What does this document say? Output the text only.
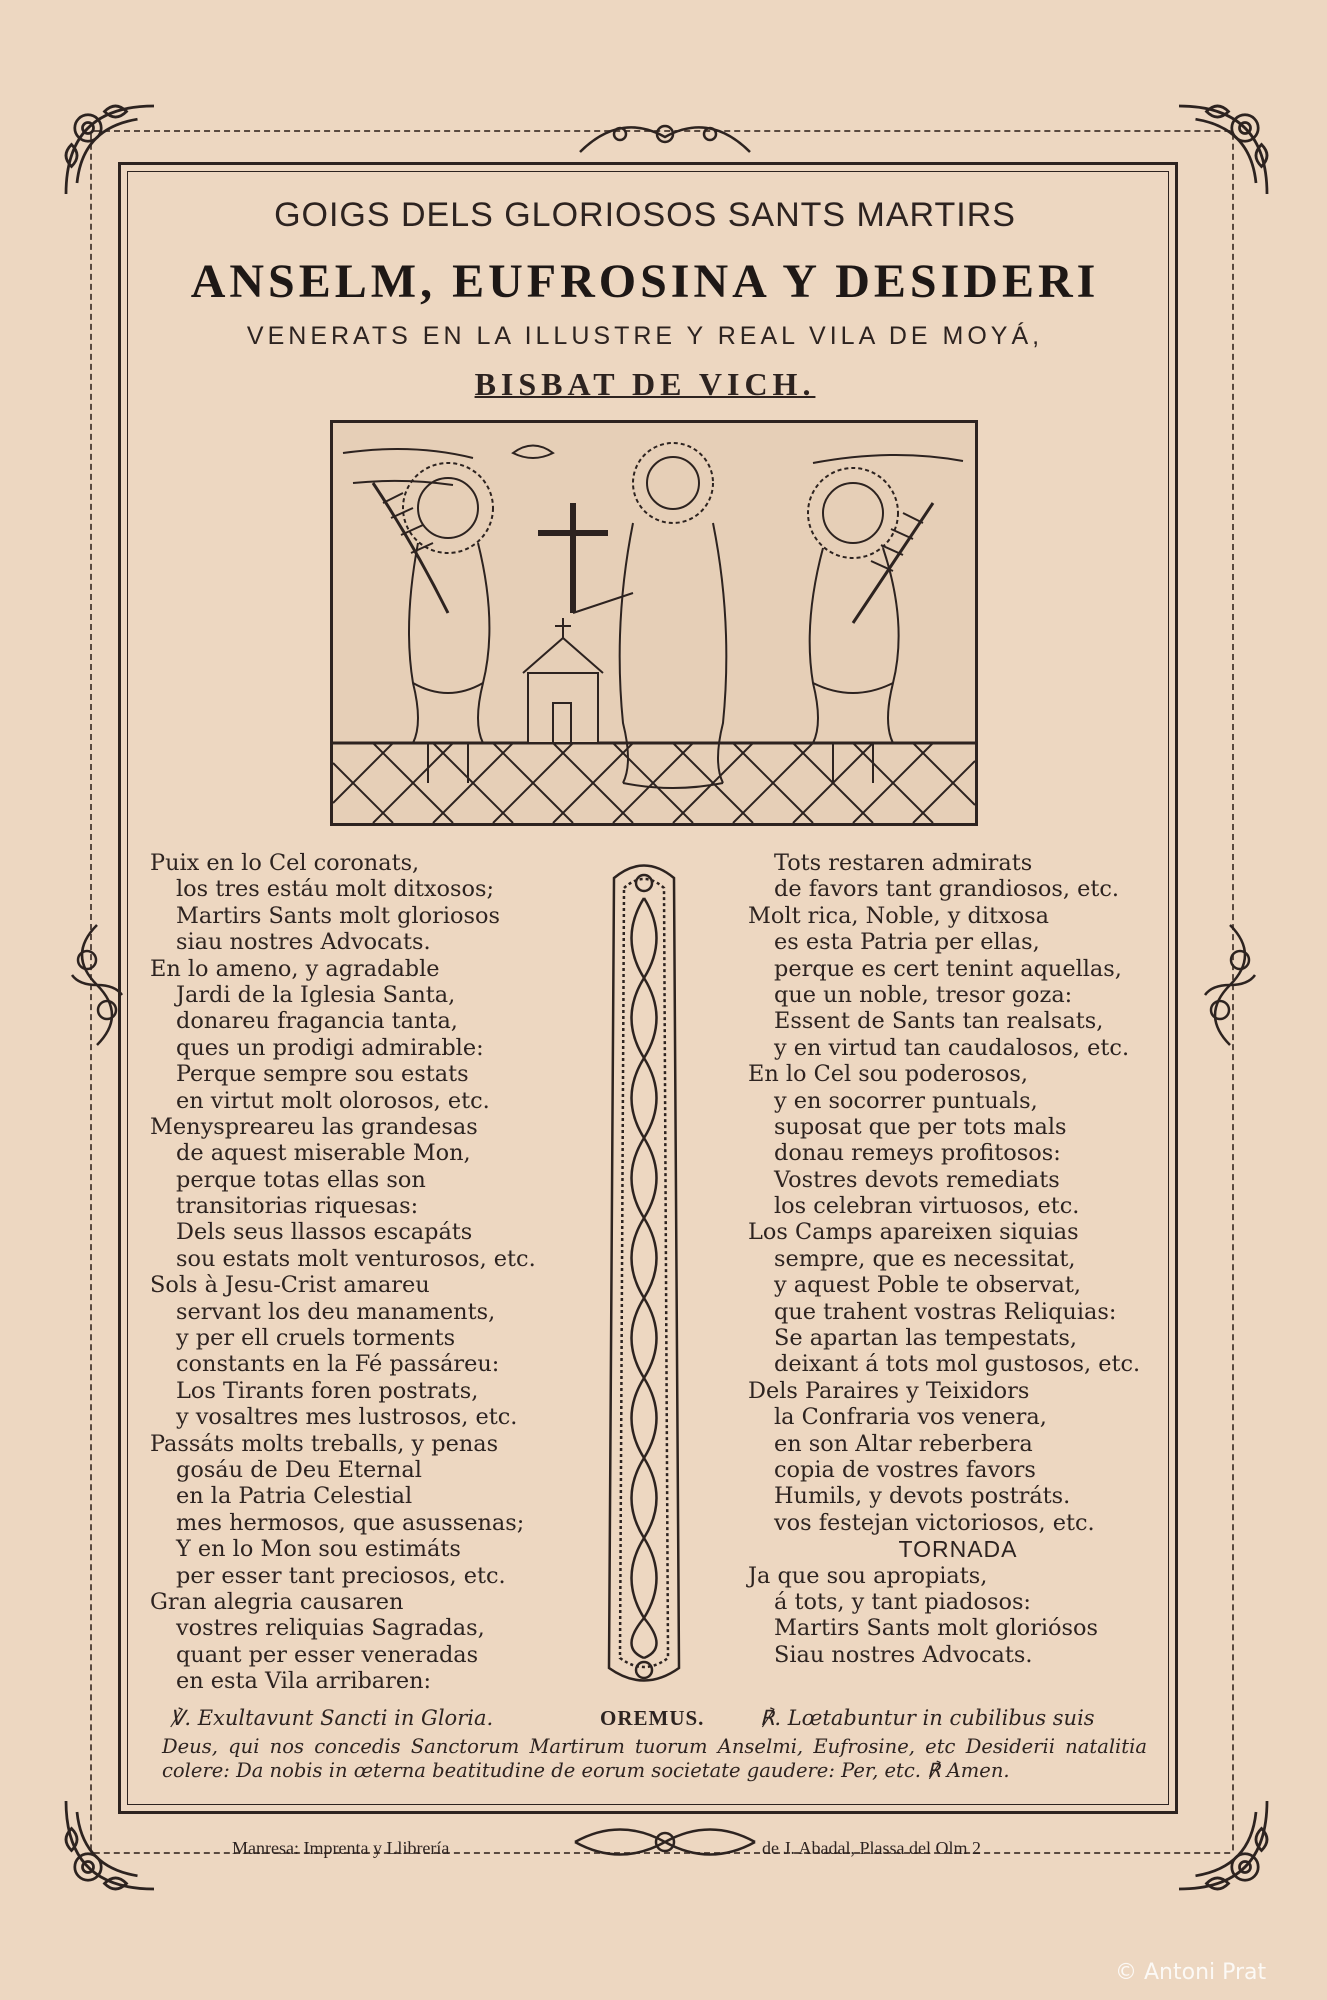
GOIGS DELS GLORIOSOS SANTS MARTIRS
ANSELM, EUFROSINA Y DESIDERI
VENERATS EN LA ILLUSTRE Y REAL VILA DE MOYÁ,
BISBAT DE VICH.
Puix en lo Cel coronats,
los tres estáu molt ditxosos;
Martirs Sants molt gloriosos
siau nostres Advocats.
En lo ameno, y agradable
Jardi de la Iglesia Santa,
donareu fragancia tanta,
ques un prodigi admirable:
Perque sempre sou estats
en virtut molt olorosos, etc.
Menyspreareu las grandesas
de aquest miserable Mon,
perque totas ellas son
transitorias riquesas:
Dels seus llassos escapáts
sou estats molt venturosos, etc.
Sols à Jesu-Crist amareu
servant los deu manaments,
y per ell cruels torments
constants en la Fé passáreu:
Los Tirants foren postrats,
y vosaltres mes lustrosos, etc.
Passáts molts treballs, y penas
gosáu de Deu Eternal
en la Patria Celestial
mes hermosos, que asussenas;
Y en lo Mon sou estimáts
per esser tant preciosos, etc.
Gran alegria causaren
vostres reliquias Sagradas,
quant per esser veneradas
en esta Vila arribaren:
Tots restaren admirats
de favors tant grandiosos, etc.
Molt rica, Noble, y ditxosa
es esta Patria per ellas,
perque es cert tenint aquellas,
que un noble, tresor goza:
Essent de Sants tan realsats,
y en virtud tan caudalosos, etc.
En lo Cel sou poderosos,
y en socorrer puntuals,
suposat que per tots mals
donau remeys profitosos:
Vostres devots remediats
los celebran virtuosos, etc.
Los Camps apareixen siquias
sempre, que es necessitat,
y aquest Poble te observat,
que trahent vostras Reliquias:
Se apartan las tempestats,
deixant á tots mol gustosos, etc.
Dels Paraires y Teixidors
la Confraria vos venera,
en son Altar reberbera
copia de vostres favors
Humils, y devots postráts.
vos festejan victoriosos, etc.
TORNADA
Ja que sou apropiats,
á tots, y tant piadosos:
Martirs Sants molt gloriósos
Siau nostres Advocats.
℣. Exultavunt Sancti in Gloria.	OREMUS.	℟. Lœtabuntur in cubilibus suis
Deus, qui nos concedis Sanctorum Martirum tuorum Anselmi, Eufrosine, etc Desiderii natalitia colere: Da nobis in œterna beatitudine de eorum societate gaudere: Per, etc. ℟ Amen.
Manresa: Imprenta y Llibrería	de J. Abadal, Plassa del Olm 2
© Antoni Prat
